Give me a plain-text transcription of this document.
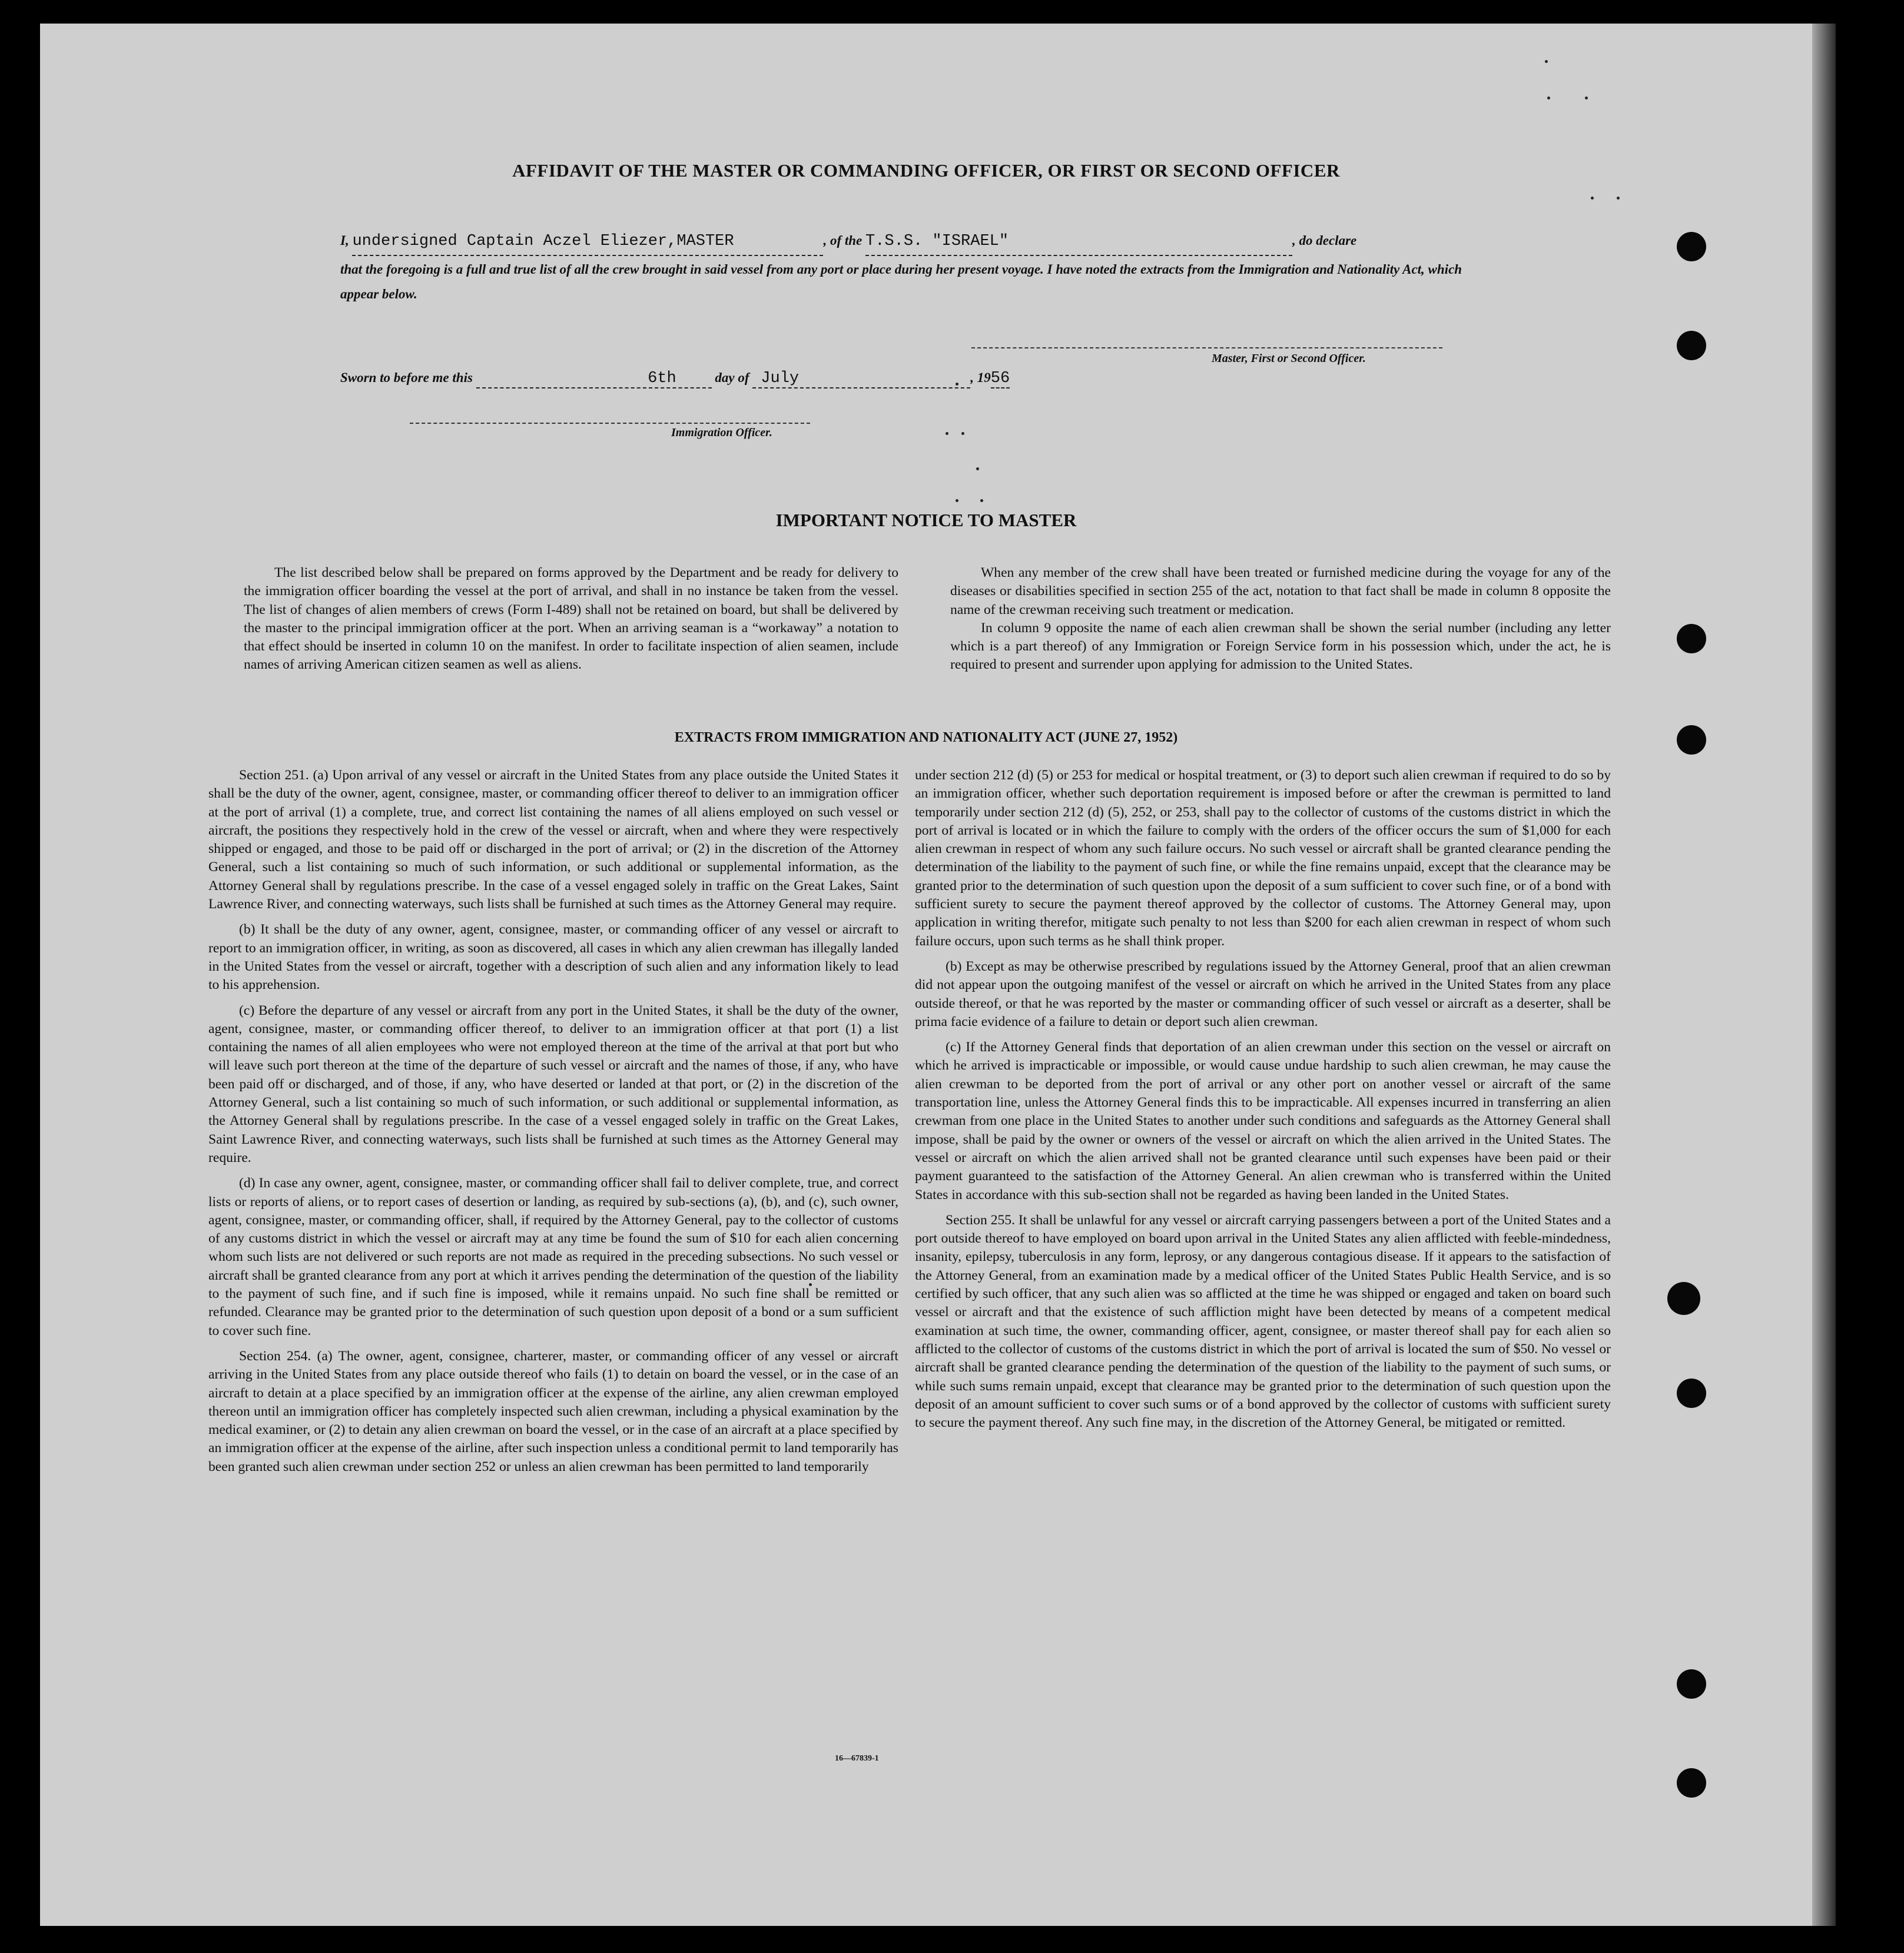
AFFIDAVIT OF THE MASTER OR COMMANDING OFFICER, OR FIRST OR SECOND OFFICER
I, undersigned Captain Aczel Eliezer,MASTER	, of the T.S.S. "ISRAEL"	, do declare
that the foregoing is a full and true list of all the crew brought in said vessel from any port or place during her present voyage. I have noted the extracts from the Immigration and Nationality Act, which appear below.
Master, First or Second Officer.
Sworn to before me this	6th	day of July	, 1956
Immigration Officer.
IMPORTANT NOTICE TO MASTER

The list described below shall be prepared on forms approved by the Department and be ready for delivery to the immigration officer boarding the vessel at the port of arrival, and shall in no instance be taken from the vessel. The list of changes of alien members of crews (Form I-489) shall not be retained on board, but shall be delivered by the master to the principal immigration officer at the port. When an arriving seaman is a “workaway” a notation to that effect should be inserted in column 10 on the manifest. In order to facilitate inspection of alien seamen, include names of arriving American citizen seamen as well as aliens.

When any member of the crew shall have been treated or furnished medicine during the voyage for any of the diseases or disabilities specified in section 255 of the act, notation to that fact shall be made in column 8 opposite the name of the crewman receiving such treatment or medication.

In column 9 opposite the name of each alien crewman shall be shown the serial number (including any letter which is a part thereof) of any Immigration or Foreign Service form in his possession which, under the act, he is required to present and surrender upon applying for admission to the United States.

EXTRACTS FROM IMMIGRATION AND NATIONALITY ACT (JUNE 27, 1952)

Section 251. (a) Upon arrival of any vessel or aircraft in the United States from any place outside the United States it shall be the duty of the owner, agent, consignee, master, or commanding officer thereof to deliver to an immigration officer at the port of arrival (1) a complete, true, and correct list containing the names of all aliens employed on such vessel or aircraft, the positions they respectively hold in the crew of the vessel or aircraft, when and where they were respectively shipped or engaged, and those to be paid off or discharged in the port of arrival; or (2) in the discretion of the Attorney General, such a list containing so much of such information, or such additional or supplemental information, as the Attorney General shall by regulations prescribe. In the case of a vessel engaged solely in traffic on the Great Lakes, Saint Lawrence River, and connecting waterways, such lists shall be furnished at such times as the Attorney General may require.

(b) It shall be the duty of any owner, agent, consignee, master, or commanding officer of any vessel or aircraft to report to an immigration officer, in writing, as soon as discovered, all cases in which any alien crewman has illegally landed in the United States from the vessel or aircraft, together with a description of such alien and any information likely to lead to his apprehension.

(c) Before the departure of any vessel or aircraft from any port in the United States, it shall be the duty of the owner, agent, consignee, master, or commanding officer thereof, to deliver to an immigration officer at that port (1) a list containing the names of all alien employees who were not employed thereon at the time of the arrival at that port but who will leave such port thereon at the time of the departure of such vessel or aircraft and the names of those, if any, who have been paid off or discharged, and of those, if any, who have deserted or landed at that port, or (2) in the discretion of the Attorney General, such a list containing so much of such information, or such additional or supplemental information, as the Attorney General shall by regulations prescribe. In the case of a vessel engaged solely in traffic on the Great Lakes, Saint Lawrence River, and connecting waterways, such lists shall be furnished at such times as the Attorney General may require.

(d) In case any owner, agent, consignee, master, or commanding officer shall fail to deliver complete, true, and correct lists or reports of aliens, or to report cases of desertion or landing, as required by sub-sections (a), (b), and (c), such owner, agent, consignee, master, or commanding officer, shall, if required by the Attorney General, pay to the collector of customs of any customs district in which the vessel or aircraft may at any time be found the sum of $10 for each alien concerning whom such lists are not delivered or such reports are not made as required in the preceding subsections. No such vessel or aircraft shall be granted clearance from any port at which it arrives pending the determination of the question of the liability to the payment of such fine, and if such fine is imposed, while it remains unpaid. No such fine shall be remitted or refunded. Clearance may be granted prior to the determination of such question upon deposit of a bond or a sum sufficient to cover such fine.

Section 254. (a) The owner, agent, consignee, charterer, master, or commanding officer of any vessel or aircraft arriving in the United States from any place outside thereof who fails (1) to detain on board the vessel, or in the case of an aircraft to detain at a place specified by an immigration officer at the expense of the airline, any alien crewman employed thereon until an immigration officer has completely inspected such alien crewman, including a physical examination by the medical examiner, or (2) to detain any alien crewman on board the vessel, or in the case of an aircraft at a place specified by an immigration officer at the expense of the airline, after such inspection unless a conditional permit to land temporarily has been granted such alien crewman under section 252 or unless an alien crewman has been permitted to land temporarily

under section 212 (d) (5) or 253 for medical or hospital treatment, or (3) to deport such alien crewman if required to do so by an immigration officer, whether such deportation requirement is imposed before or after the crewman is permitted to land temporarily under section 212 (d) (5), 252, or 253, shall pay to the collector of customs of the customs district in which the port of arrival is located or in which the failure to comply with the orders of the officer occurs the sum of $1,000 for each alien crewman in respect of whom any such failure occurs. No such vessel or aircraft shall be granted clearance pending the determination of the liability to the payment of such fine, or while the fine remains unpaid, except that the clearance may be granted prior to the determination of such question upon the deposit of a sum sufficient to cover such fine, or of a bond with sufficient surety to secure the payment thereof approved by the collector of customs. The Attorney General may, upon application in writing therefor, mitigate such penalty to not less than $200 for each alien crewman in respect of whom such failure occurs, upon such terms as he shall think proper.

(b) Except as may be otherwise prescribed by regulations issued by the Attorney General, proof that an alien crewman did not appear upon the outgoing manifest of the vessel or aircraft on which he arrived in the United States from any place outside thereof, or that he was reported by the master or commanding officer of such vessel or aircraft as a deserter, shall be prima facie evidence of a failure to detain or deport such alien crewman.

(c) If the Attorney General finds that deportation of an alien crewman under this section on the vessel or aircraft on which he arrived is impracticable or impossible, or would cause undue hardship to such alien crewman, he may cause the alien crewman to be deported from the port of arrival or any other port on another vessel or aircraft of the same transportation line, unless the Attorney General finds this to be impracticable. All expenses incurred in transferring an alien crewman from one place in the United States to another under such conditions and safeguards as the Attorney General shall impose, shall be paid by the owner or owners of the vessel or aircraft on which the alien arrived in the United States. The vessel or aircraft on which the alien arrived shall not be granted clearance until such expenses have been paid or their payment guaranteed to the satisfaction of the Attorney General. An alien crewman who is transferred within the United States in accordance with this sub-section shall not be regarded as having been landed in the United States.

Section 255. It shall be unlawful for any vessel or aircraft carrying passengers between a port of the United States and a port outside thereof to have employed on board upon arrival in the United States any alien afflicted with feeble-mindedness, insanity, epilepsy, tuberculosis in any form, leprosy, or any dangerous contagious disease. If it appears to the satisfaction of the Attorney General, from an examination made by a medical officer of the United States Public Health Service, and is so certified by such officer, that any such alien was so afflicted at the time he was shipped or engaged and taken on board such vessel or aircraft and that the existence of such affliction might have been detected by means of a competent medical examination at such time, the owner, commanding officer, agent, consignee, or master thereof shall pay for each alien so afflicted to the collector of customs of the customs district in which the port of arrival is located the sum of $50. No vessel or aircraft shall be granted clearance pending the determination of the question of the liability to the payment of such sums, or while such sums remain unpaid, except that clearance may be granted prior to the determination of such question upon the deposit of an amount sufficient to cover such sums or of a bond approved by the collector of customs with sufficient surety to secure the payment thereof. Any such fine may, in the discretion of the Attorney General, be mitigated or remitted.

16—67839-1
